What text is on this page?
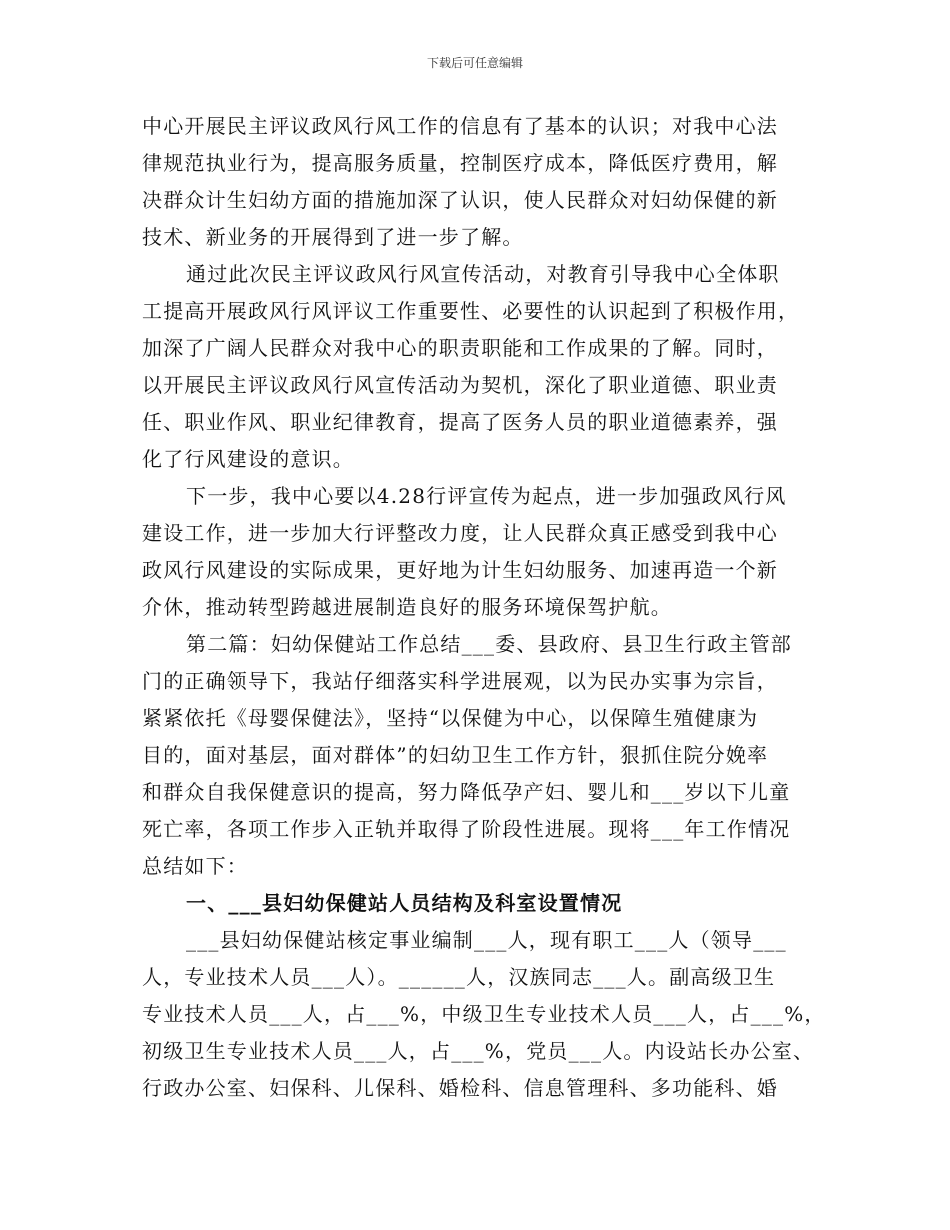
下载后可任意编辑
中心开展民主评议政风行风工作的信息有了基本的认识；对我中心法
律规范执业行为，提高服务质量，控制医疗成本，降低医疗费用，解
决群众计生妇幼方面的措施加深了认识，使人民群众对妇幼保健的新
技术、新业务的开展得到了进一步了解。
通过此次民主评议政风行风宣传活动，对教育引导我中心全体职
工提高开展政风行风评议工作重要性、必要性的认识起到了积极作用，
加深了广阔人民群众对我中心的职责职能和工作成果的了解。同时，
以开展民主评议政风行风宣传活动为契机，深化了职业道德、职业责
任、职业作风、职业纪律教育，提高了医务人员的职业道德素养，强
化了行风建设的意识。
下一步，我中心要以4.28行评宣传为起点，进一步加强政风行风
建设工作，进一步加大行评整改力度，让人民群众真正感受到我中心
政风行风建设的实际成果，更好地为计生妇幼服务、加速再造一个新
介休，推动转型跨越进展制造良好的服务环境保驾护航。
第二篇：妇幼保健站工作总结___委、县政府、县卫生行政主管部
门的正确领导下，我站仔细落实科学进展观，以为民办实事为宗旨，
紧紧依托《母婴保健法》，坚持“以保健为中心，以保障生殖健康为
目的，面对基层，面对群体”的妇幼卫生工作方针，狠抓住院分娩率
和群众自我保健意识的提高，努力降低孕产妇、婴儿和___岁以下儿童
死亡率，各项工作步入正轨并取得了阶段性进展。现将___年工作情况
总结如下：
一、___县妇幼保健站人员结构及科室设置情况
___县妇幼保健站核定事业编制___人，现有职工___人（领导___
人，专业技术人员___人）。______人，汉族同志___人。副高级卫生
专业技术人员___人，占___%，中级卫生专业技术人员___人，占___%，
初级卫生专业技术人员___人，占___%，党员___人。内设站长办公室、
行政办公室、妇保科、儿保科、婚检科、信息管理科、多功能科、婚
